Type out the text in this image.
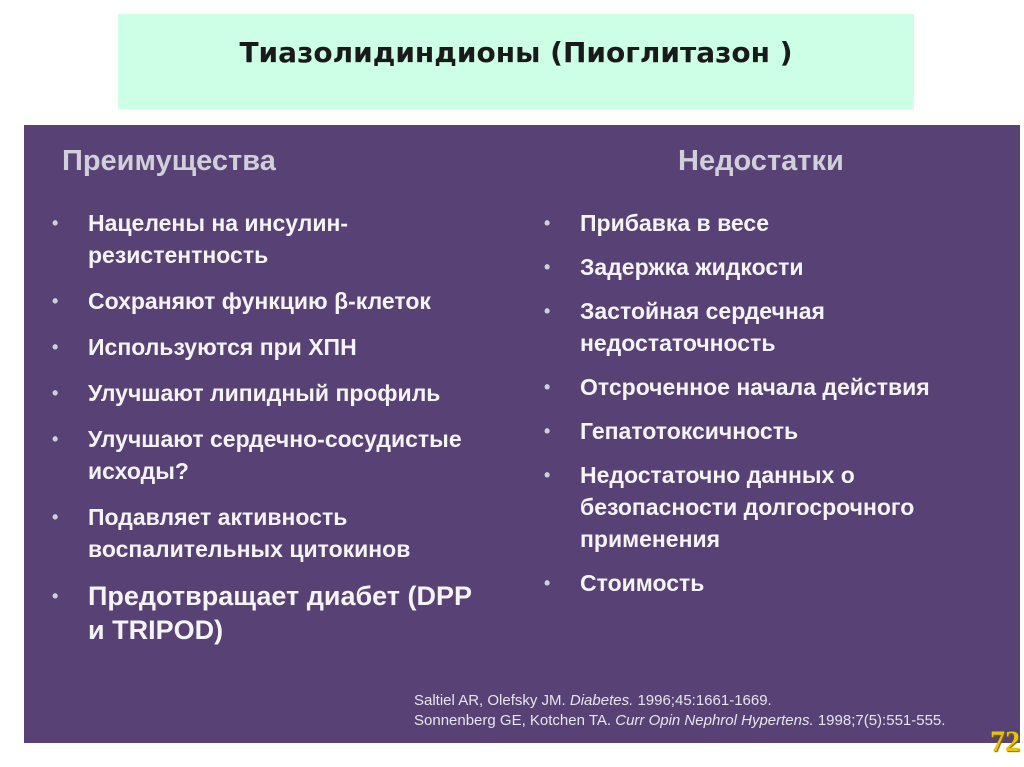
Тиазолидиндионы (Пиоглитазон )
Преимущества	Недостатки
• Нацелены на инсулин-резистентность
• Сохраняют функцию β-клеток
• Используются при ХПН
• Улучшают липидный профиль
• Улучшают сердечно-сосудистые исходы?
• Подавляет активность воспалительных цитокинов
• Предотвращает диабет (DPP и TRIPOD)
• Прибавка в весе
• Задержка жидкости
• Застойная сердечная недостаточность
• Отсроченное начала действия
• Гепатотоксичность
• Недостаточно данных о безопасности долгосрочного применения
• Стоимость
Saltiel AR, Olefsky JM. Diabetes. 1996;45:1661-1669.
Sonnenberg GE, Kotchen TA. Curr Opin Nephrol Hypertens. 1998;7(5):551-555.
72
